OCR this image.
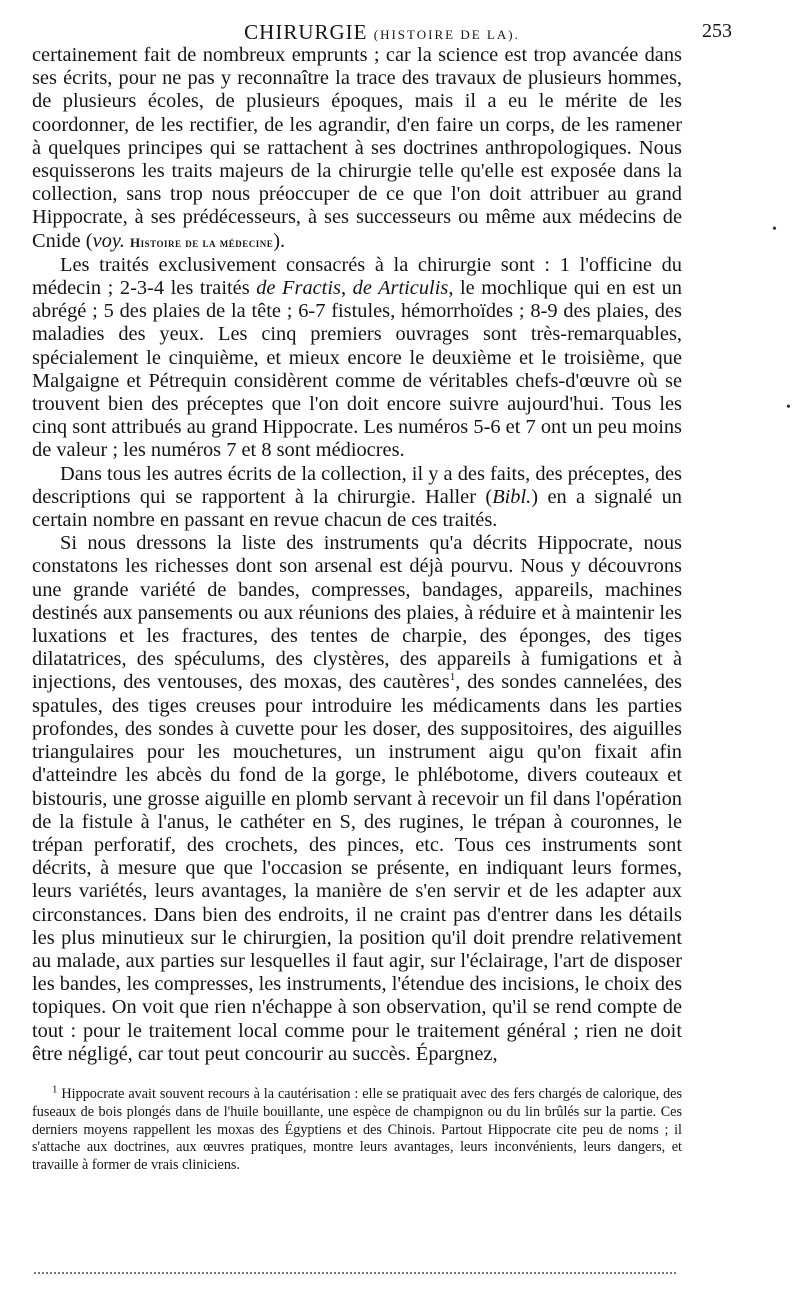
CHIRURGIE (HISTOIRE DE LA).	253

certainement fait de nombreux emprunts ; car la science est trop avancée dans ses écrits, pour ne pas y reconnaître la trace des travaux de plusieurs hommes, de plusieurs écoles, de plusieurs époques, mais il a eu le mérite de les coordonner, de les rectifier, de les agrandir, d'en faire un corps, de les ramener à quelques principes qui se rattachent à ses doctrines anthropologiques. Nous esquisserons les traits majeurs de la chirurgie telle qu'elle est exposée dans la collection, sans trop nous préoccuper de ce que l'on doit attribuer au grand Hippocrate, à ses prédécesseurs, à ses successeurs ou même aux médecins de Cnide (voy. Histoire de la médecine).

Les traités exclusivement consacrés à la chirurgie sont : 1 l'officine du médecin ; 2-3-4 les traités de Fractis, de Articulis, le mochlique qui en est un abrégé ; 5 des plaies de la tête ; 6-7 fistules, hémorrhoïdes ; 8-9 des plaies, des maladies des yeux. Les cinq premiers ouvrages sont très-remarquables, spécialement le cinquième, et mieux encore le deuxième et le troisième, que Malgaigne et Pétrequin considèrent comme de véritables chefs-d'œuvre où se trouvent bien des préceptes que l'on doit encore suivre aujourd'hui. Tous les cinq sont attribués au grand Hippocrate. Les numéros 5-6 et 7 ont un peu moins de valeur ; les numéros 7 et 8 sont médiocres.

Dans tous les autres écrits de la collection, il y a des faits, des préceptes, des descriptions qui se rapportent à la chirurgie. Haller (Bibl.) en a signalé un certain nombre en passant en revue chacun de ces traités.

Si nous dressons la liste des instruments qu'a décrits Hippocrate, nous constatons les richesses dont son arsenal est déjà pourvu. Nous y découvrons une grande variété de bandes, compresses, bandages, appareils, machines destinés aux pansements ou aux réunions des plaies, à réduire et à maintenir les luxations et les fractures, des tentes de charpie, des éponges, des tiges dilatatrices, des spéculums, des clystères, des appareils à fumigations et à injections, des ventouses, des moxas, des cautères$^1$, des sondes cannelées, des spatules, des tiges creuses pour introduire les médicaments dans les parties profondes, des sondes à cuvette pour les doser, des suppositoires, des aiguilles triangulaires pour les mouchetures, un instrument aigu qu'on fixait afin d'atteindre les abcès du fond de la gorge, le phlébotome, divers couteaux et bistouris, une grosse aiguille en plomb servant à recevoir un fil dans l'opération de la fistule à l'anus, le cathéter en S, des rugines, le trépan à couronnes, le trépan perforatif, des crochets, des pinces, etc. Tous ces instruments sont décrits, à mesure que que l'occasion se présente, en indiquant leurs formes, leurs variétés, leurs avantages, la manière de s'en servir et de les adapter aux circonstances. Dans bien des endroits, il ne craint pas d'entrer dans les détails les plus minutieux sur le chirurgien, la position qu'il doit prendre relativement au malade, aux parties sur lesquelles il faut agir, sur l'éclairage, l'art de disposer les bandes, les compresses, les instruments, l'étendue des incisions, le choix des topiques. On voit que rien n'échappe à son observation, qu'il se rend compte de tout : pour le traitement local comme pour le traitement général ; rien ne doit être négligé, car tout peut concourir au succès. Épargnez,

$^1$ Hippocrate avait souvent recours à la cautérisation : elle se pratiquait avec des fers chargés de calorique, des fuseaux de bois plongés dans de l'huile bouillante, une espèce de champignon ou du lin brûlés sur la partie. Ces derniers moyens rappellent les moxas des Égyptiens et des Chinois. Partout Hippocrate cite peu de noms ; il s'attache aux doctrines, aux œuvres pratiques, montre leurs avantages, leurs inconvénients, leurs dangers, et travaille à former de vrais cliniciens.

•
•
